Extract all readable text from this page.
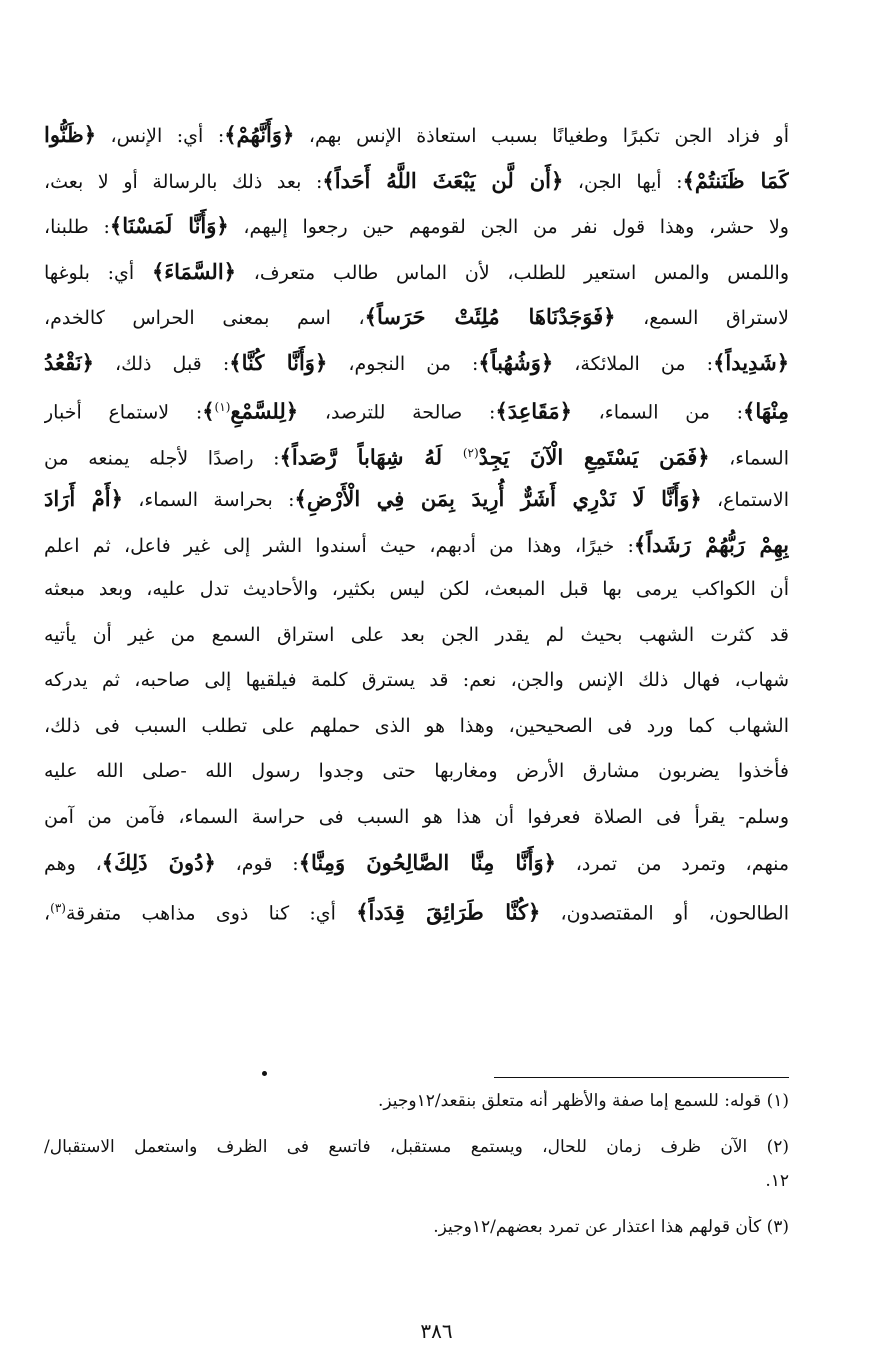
أو فزاد الجن تكبرًا وطغيانًا بسبب استعاذة الإنس بهم، ﴿وَأَنَّهُمْ﴾: أي: الإنس، ﴿ظَنُّوا
كَمَا ظَنَنتُمْ﴾: أيها الجن، ﴿أَن لَّن يَبْعَثَ اللَّهُ أَحَداً﴾: بعد ذلك بالرسالة أو لا بعث،
ولا حشر، وهذا قول نفر من الجن لقومهم حين رجعوا إليهم، ﴿وَأَنَّا لَمَسْنَا﴾: طلبنا،
واللمس والمس استعير للطلب، لأن الماس طالب متعرف، ﴿السَّمَاءَ﴾ أي: بلوغها
لاستراق السمع، ﴿فَوَجَدْنَاهَا مُلِئَتْ حَرَساً﴾، اسم بمعنى الحراس كالخدم،
﴿شَدِيداً﴾: من الملائكة، ﴿وَشُهُباً﴾: من النجوم، ﴿وَأَنَّا كُنَّا﴾: قبل ذلك، ﴿نَقْعُدُ
مِنْهَا﴾: من السماء، ﴿مَقَاعِدَ﴾: صالحة للترصد، ﴿لِلسَّمْعِ$^{(١)}$﴾: لاستماع أخبار
السماء، ﴿فَمَن يَسْتَمِعِ الْآنَ يَجِدْ$^{(٢)}$ لَهُ شِهَاباً رَّصَداً﴾: راصدًا لأجله يمنعه من
الاستماع، ﴿وَأَنَّا لَا نَدْرِي أَشَرٌّ أُرِيدَ بِمَن فِي الْأَرْضِ﴾: بحراسة السماء، ﴿أَمْ أَرَادَ
بِهِمْ رَبُّهُمْ رَشَداً﴾: خيرًا، وهذا من أدبهم، حيث أسندوا الشر إلى غير فاعل، ثم اعلم
أن الكواكب يرمى بها قبل المبعث، لكن ليس بكثير، والأحاديث تدل عليه، وبعد مبعثه
قد كثرت الشهب بحيث لم يقدر الجن بعد على استراق السمع من غير أن يأتيه
شهاب، فهال ذلك الإنس والجن، نعم: قد يسترق كلمة فيلقيها إلى صاحبه، ثم يدركه
الشهاب كما ورد فى الصحيحين، وهذا هو الذى حملهم على تطلب السبب فى ذلك،
فأخذوا يضربون مشارق الأرض ومغاربها حتى وجدوا رسول الله -صلى الله عليه
وسلم- يقرأ فى الصلاة فعرفوا أن هذا هو السبب فى حراسة السماء، فآمن من آمن
منهم، وتمرد من تمرد، ﴿وَأَنَّا مِنَّا الصَّالِحُونَ وَمِنَّا﴾: قوم، ﴿دُونَ ذَلِكَ﴾، وهم
الطالحون، أو المقتصدون، ﴿كُنَّا طَرَائِقَ قِدَداً﴾ أي: كنا ذوى مذاهب متفرقة$^{(٣)}$،
(١) قوله: للسمع إما صفة والأظهر أنه متعلق بنقعد/١٢وجيز.
(٢) الآن ظرف زمان للحال، ويستمع مستقبل، فاتسع فى الظرف واستعمل الاستقبال/
١٢.
(٣) كأن قولهم هذا اعتذار عن تمرد بعضهم/١٢وجيز.
٣٨٦
